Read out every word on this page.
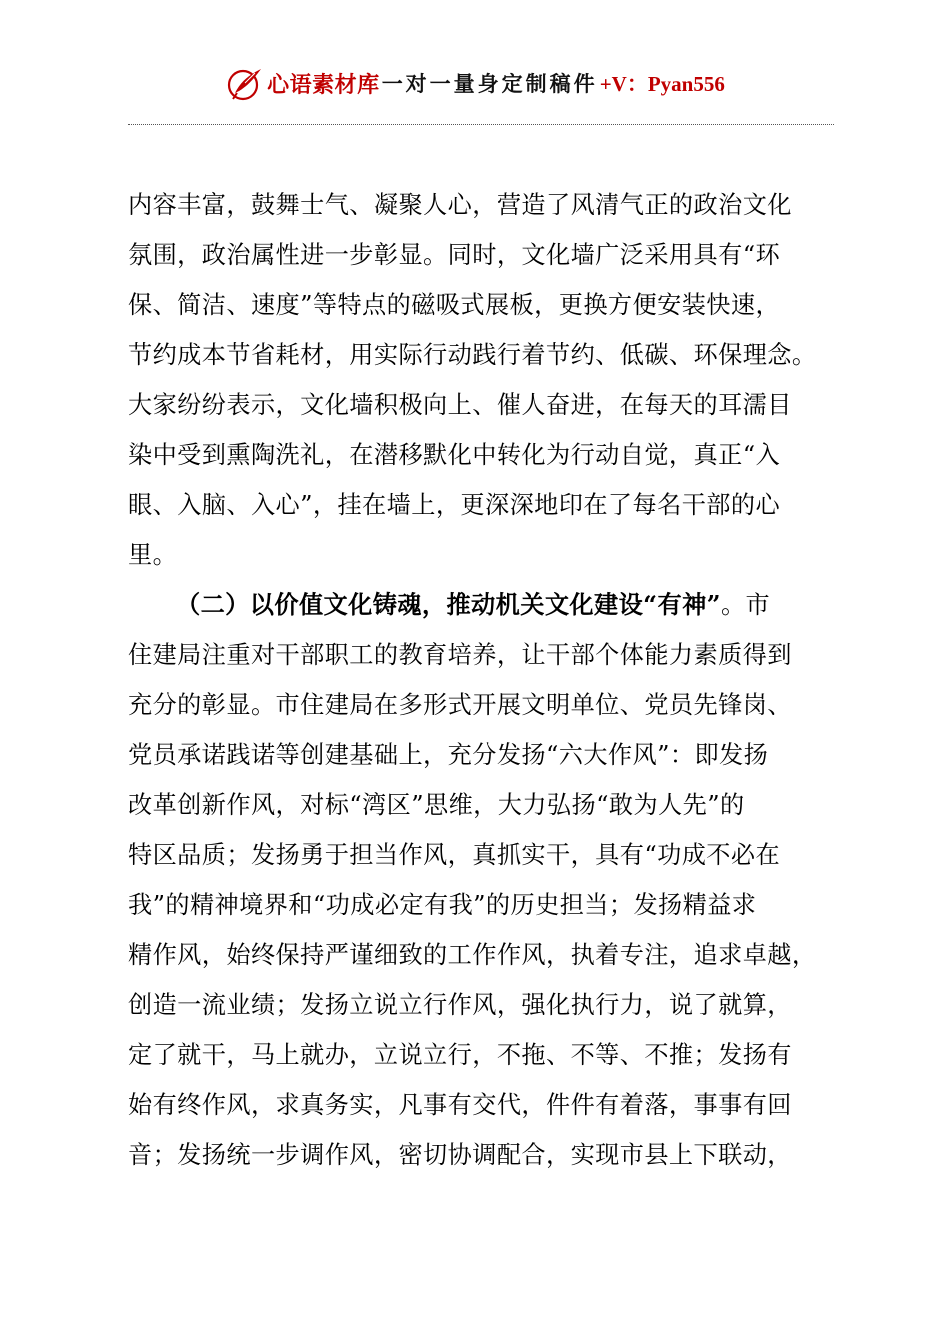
心语素材库 一对一量身定制稿件 +V：Pyan556
内容丰富，鼓舞士气、凝聚人心，营造了风清气正的政治文化
氛围，政治属性进一步彰显。同时，文化墙广泛采用具有“环
保、简洁、速度”等特点的磁吸式展板，更换方便安装快速，
节约成本节省耗材，用实际行动践行着节约、低碳、环保理念。
大家纷纷表示，文化墙积极向上、催人奋进，在每天的耳濡目
染中受到熏陶洗礼，在潜移默化中转化为行动自觉，真正“入
眼、入脑、入心”，挂在墙上，更深深地印在了每名干部的心
里。
（二）以价值文化铸魂，推动机关文化建设“有神”。市
住建局注重对干部职工的教育培养，让干部个体能力素质得到
充分的彰显。市住建局在多形式开展文明单位、党员先锋岗、
党员承诺践诺等创建基础上，充分发扬“六大作风”：即发扬
改革创新作风，对标“湾区”思维，大力弘扬“敢为人先”的
特区品质；发扬勇于担当作风，真抓实干，具有“功成不必在
我”的精神境界和“功成必定有我”的历史担当；发扬精益求
精作风，始终保持严谨细致的工作作风，执着专注，追求卓越，
创造一流业绩；发扬立说立行作风，强化执行力，说了就算，
定了就干，马上就办，立说立行，不拖、不等、不推；发扬有
始有终作风，求真务实，凡事有交代，件件有着落，事事有回
音；发扬统一步调作风，密切协调配合，实现市县上下联动，
